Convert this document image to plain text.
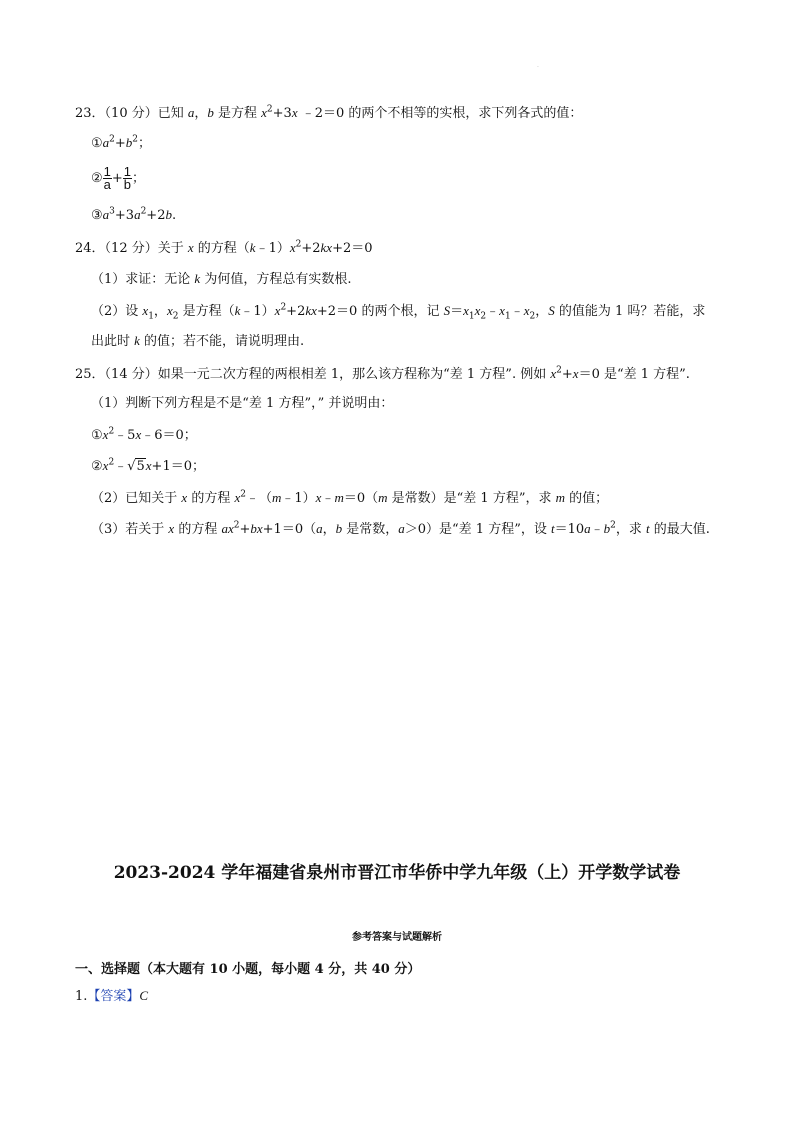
·
23．（10 分）已知 a，b 是方程 $x^2+3x$ ﹣2＝0 的两个不相等的实根，求下列各式的值：
$①a^2+b^2$；
② $\frac{1}{a} + \frac{1}{b}$ ；
$③a^3+3a^2+2b$.
24．（12 分）关于 x 的方程$(k﹣1)x^2+2kx+2=0$
（1）求证：无论 k 为何值，方程总有实数根.
（2）设 $x_1$，$x_2$ 是方程$(k﹣1)x^2+2kx+2=0$ 的两个根，记 $S=x_1x_2﹣x_1﹣x_2$，S 的值能为 1 吗？若能，求
出此时 k 的值；若不能，请说明理由.
25．（14 分）如果一元二次方程的两根相差 1，那么该方程称为“差 1 方程”. 例如 $x^2+x=0$ 是“差 1 方程”.
（1）判断下列方程是不是“差 1 方程”，” 并说明由：
$①x^2﹣5x﹣6=0$；
$②x^2﹣√5x+1=0$；
（2）已知关于 x 的方程 $x^2﹣(m﹣1)x﹣m=0(m$ 是常数）是“差 1 方程”，求 m 的值；
（3）若关于 x 的方程 $ax^2+bx+1=0(a$，b 是常数，a＞0）是“差 1 方程”，设 $t=10a﹣b^2$，求 t 的最大值.
2023-2024 学年福建省泉州市晋江市华侨中学九年级（上）开学数学试卷
参考答案与试题解析
一、选择题（本大题有 10 小题，每小题 4 分，共 40 分）
1.【答案】C
